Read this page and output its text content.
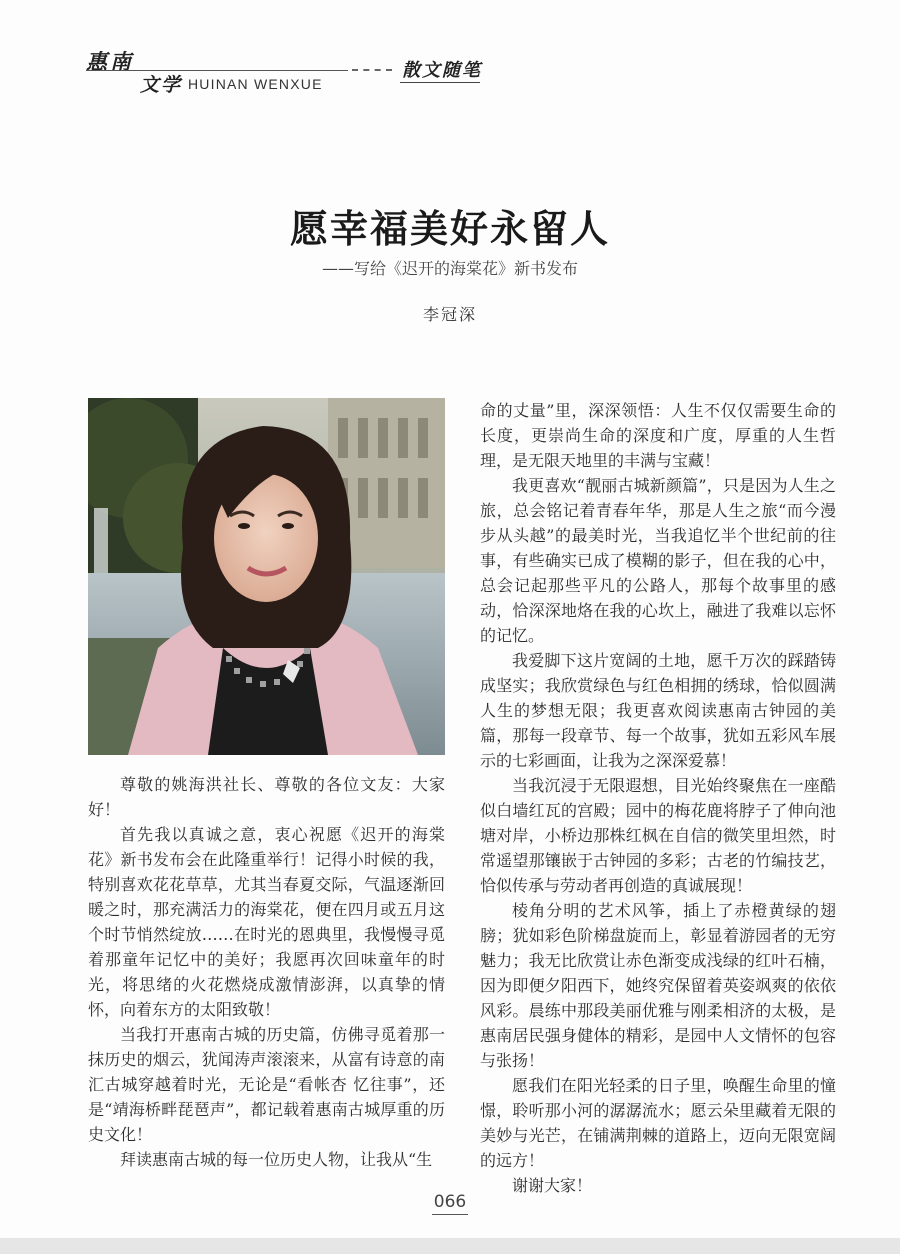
惠南
文学 HUINAN WENXUE
散文随笔
愿幸福美好永留人
——写给《迟开的海棠花》新书发布
李冠深

尊敬的姚海洪社长、尊敬的各位文友：大家好！

首先我以真诚之意，衷心祝愿《迟开的海棠花》新书发布会在此隆重举行！记得小时候的我，特别喜欢花花草草，尤其当春夏交际，气温逐渐回暖之时，那充满活力的海棠花，便在四月或五月这个时节悄然绽放……在时光的恩典里，我慢慢寻觅着那童年记忆中的美好；我愿再次回味童年的时光，将思绪的火花燃烧成激情澎湃，以真挚的情怀，向着东方的太阳致敬！

当我打开惠南古城的历史篇，仿佛寻觅着那一抹历史的烟云，犹闻涛声滚滚来，从富有诗意的南汇古城穿越着时光，无论是“看帐杏 忆往事”，还是“靖海桥畔琵琶声”，都记载着惠南古城厚重的历史文化！

拜读惠南古城的每一位历史人物，让我从“生

命的丈量”里，深深领悟：人生不仅仅需要生命的长度，更崇尚生命的深度和广度，厚重的人生哲理，是无限天地里的丰满与宝藏！

我更喜欢“靓丽古城新颜篇”，只是因为人生之旅，总会铭记着青春年华，那是人生之旅“而今漫步从头越”的最美时光，当我追忆半个世纪前的往事，有些确实已成了模糊的影子，但在我的心中，总会记起那些平凡的公路人，那每个故事里的感动，恰深深地烙在我的心坎上，融进了我难以忘怀的记忆。

我爱脚下这片宽阔的土地，愿千万次的踩踏铸成坚实；我欣赏绿色与红色相拥的绣球，恰似圆满人生的梦想无限；我更喜欢阅读惠南古钟园的美篇，那每一段章节、每一个故事，犹如五彩风车展示的七彩画面，让我为之深深爱慕！

当我沉浸于无限遐想，目光始终聚焦在一座酷似白墙红瓦的宫殿；园中的梅花鹿将脖子了伸向池塘对岸，小桥边那株红枫在自信的微笑里坦然，时常遥望那镶嵌于古钟园的多彩；古老的竹编技艺，恰似传承与劳动者再创造的真诚展现！

棱角分明的艺术风筝，插上了赤橙黄绿的翅膀；犹如彩色阶梯盘旋而上，彰显着游园者的无穷魅力；我无比欣赏让赤色渐变成浅绿的红叶石楠，因为即便夕阳西下，她终究保留着英姿飒爽的依依风彩。晨练中那段美丽优雅与刚柔相济的太极，是惠南居民强身健体的精彩，是园中人文情怀的包容与张扬！

愿我们在阳光轻柔的日子里，唤醒生命里的憧憬，聆听那小河的潺潺流水；愿云朵里藏着无限的美妙与光芒，在铺满荆棘的道路上，迈向无限宽阔的远方！

谢谢大家！

066
